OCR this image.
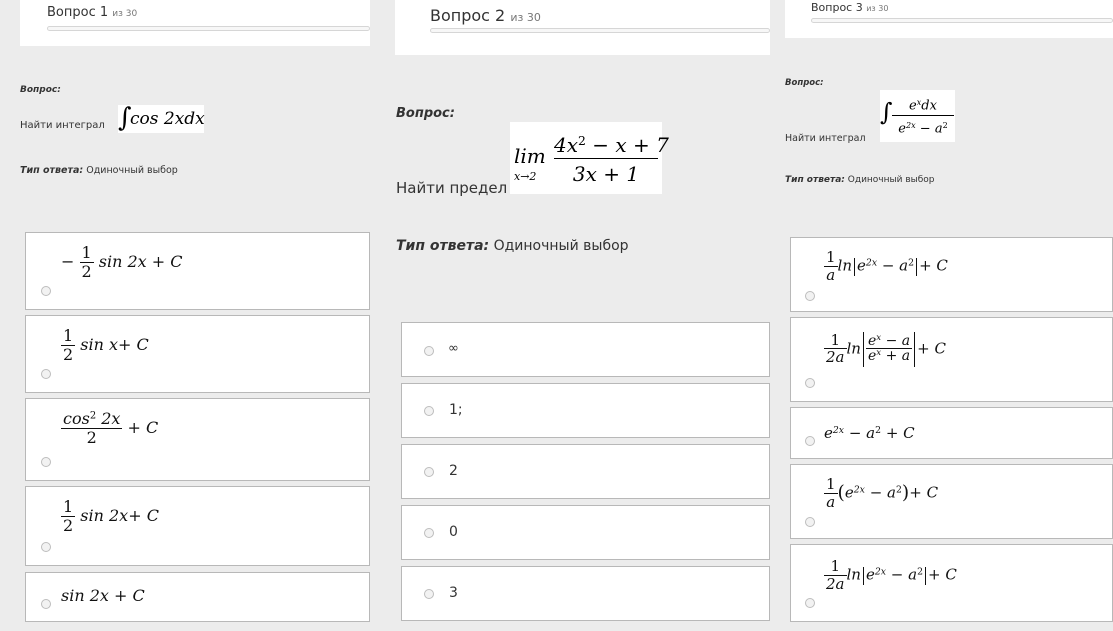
Вопрос 1 из 30
Вопрос:
Найти интеграл ∫
cos 2xdx
Тип ответа: Одиночный выбор
− $\frac{1}{2}$ sin 2x + C
$\frac{1}{2}$ sin x+ C
$\frac{\cos^2 2x}{2} + C$
$\frac{1}{2}$ sin 2x+ C
sin 2x + C
Вопрос 2 из 30
Вопрос:
Найти предел
lim
$x\to 2 \frac{4x^2 - x + 7}{3x + 1}$
Тип ответа: Одиночный выбор
∞
1;
2
0
3
Вопрос 3 из 30
Вопрос:
Найти интеграл
∫	$e^xdx$
$e^{2x} - a^2$
Тип ответа: Одиночный выбор
$\frac{1}{a}$ $\ln e^{2x} - a^2 + C$
$\frac{1}{2a}$ $\ln \frac{e^x - a}{e^x + a} + C$
$e^{2x} - a^2 + C$
$\frac{1}{a} (e^{2x} - a^2)+ C$
$\frac{1}{2a}$ $\ln e^{2x} - a^2 + C$
